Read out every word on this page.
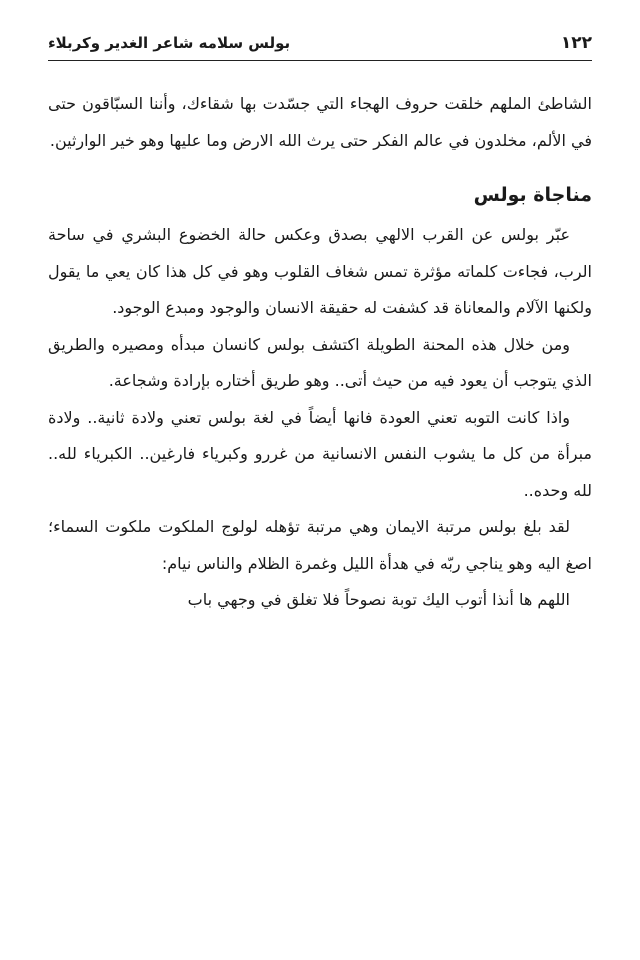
١٢٢
بولس سلامه شاعر الغدير وكربلاء

الشاطئ الملهم خلقت حروف الهجاء التي جسّدت بها شقاءك، وأننا السبّاقون حتى في الألم، مخلدون في عالم الفكر حتى يرث الله الارض وما عليها وهو خير الوارثين.

مناجاة بولس

عبّر بولس عن القرب الالهي بصدق وعكس حالة الخضوع البشري في ساحة الرب، فجاءت كلماته مؤثرة تمس شغاف القلوب وهو في كل هذا كان يعي ما يقول ولكنها الآلام والمعاناة قد كشفت له حقيقة الانسان والوجود ومبدع الوجود.

ومن خلال هذه المحنة الطويلة اكتشف بولس كانسان مبدأه ومصيره والطريق الذي يتوجب أن يعود فيه من حيث أتى.. وهو طريق أختاره بإرادة وشجاعة.

واذا كانت التوبه تعني العودة فانها أيضاً في لغة بولس تعني ولادة ثانية.. ولادة مبرأة من كل ما يشوب النفس الانسانية من غررو وكبرياء فارغين.. الكبرياء لله.. لله وحده..

لقد بلغ بولس مرتبة الايمان وهي مرتبة تؤهله لولوج الملكوت ملكوت السماء؛ اصغ اليه وهو يناجي ربّه في هدأة الليل وغمرة الظلام والناس نيام:

اللهم ها أنذا أتوب اليك توبة نصوحاً فلا تغلق في وجهي باب
